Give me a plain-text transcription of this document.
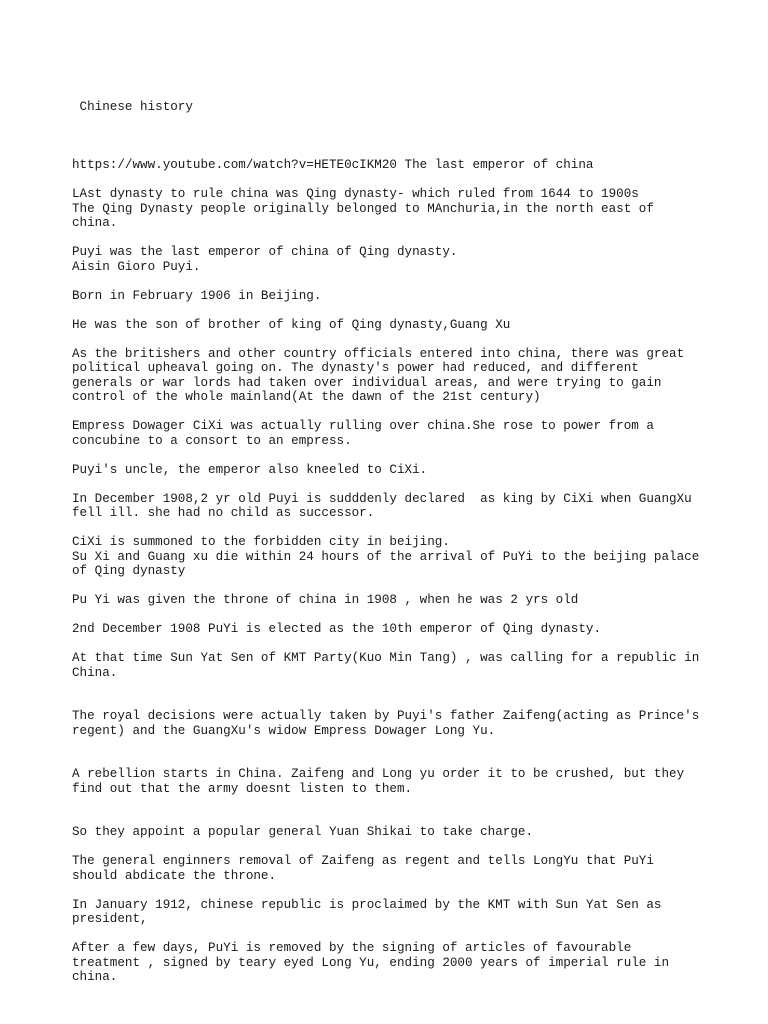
Chinese history

https://www.youtube.com/watch?v=HETE0cIKM20 The last emperor of china
LAst dynasty to rule china was Qing dynasty- which ruled from 1644 to 1900s
The Qing Dynasty people originally belonged to MAnchuria,in the north east of
china.
Puyi was the last emperor of china of Qing dynasty.
Aisin Gioro Puyi.
Born in February 1906 in Beijing.
He was the son of brother of king of Qing dynasty,Guang Xu
As the britishers and other country officials entered into china, there was great
political upheaval going on. The dynasty's power had reduced, and different
generals or war lords had taken over individual areas, and were trying to gain
control of the whole mainland(At the dawn of the 21st century)
Empress Dowager CiXi was actually rulling over china.She rose to power from a
concubine to a consort to an empress.
Puyi's uncle, the emperor also kneeled to CiXi.
In December 1908,2 yr old Puyi is sudddenly declared  as king by CiXi when GuangXu
fell ill. she had no child as successor.
CiXi is summoned to the forbidden city in beijing.
Su Xi and Guang xu die within 24 hours of the arrival of PuYi to the beijing palace
of Qing dynasty
Pu Yi was given the throne of china in 1908 , when he was 2 yrs old
2nd December 1908 PuYi is elected as the 10th emperor of Qing dynasty.
At that time Sun Yat Sen of KMT Party(Kuo Min Tang) , was calling for a republic in
China.
The royal decisions were actually taken by Puyi's father Zaifeng(acting as Prince's
regent) and the GuangXu's widow Empress Dowager Long Yu.
A rebellion starts in China. Zaifeng and Long yu order it to be crushed, but they
find out that the army doesnt listen to them.
So they appoint a popular general Yuan Shikai to take charge.
The general enginners removal of Zaifeng as regent and tells LongYu that PuYi
should abdicate the throne.
In January 1912, chinese republic is proclaimed by the KMT with Sun Yat Sen as
president,
After a few days, PuYi is removed by the signing of articles of favourable
treatment , signed by teary eyed Long Yu, ending 2000 years of imperial rule in
china.
